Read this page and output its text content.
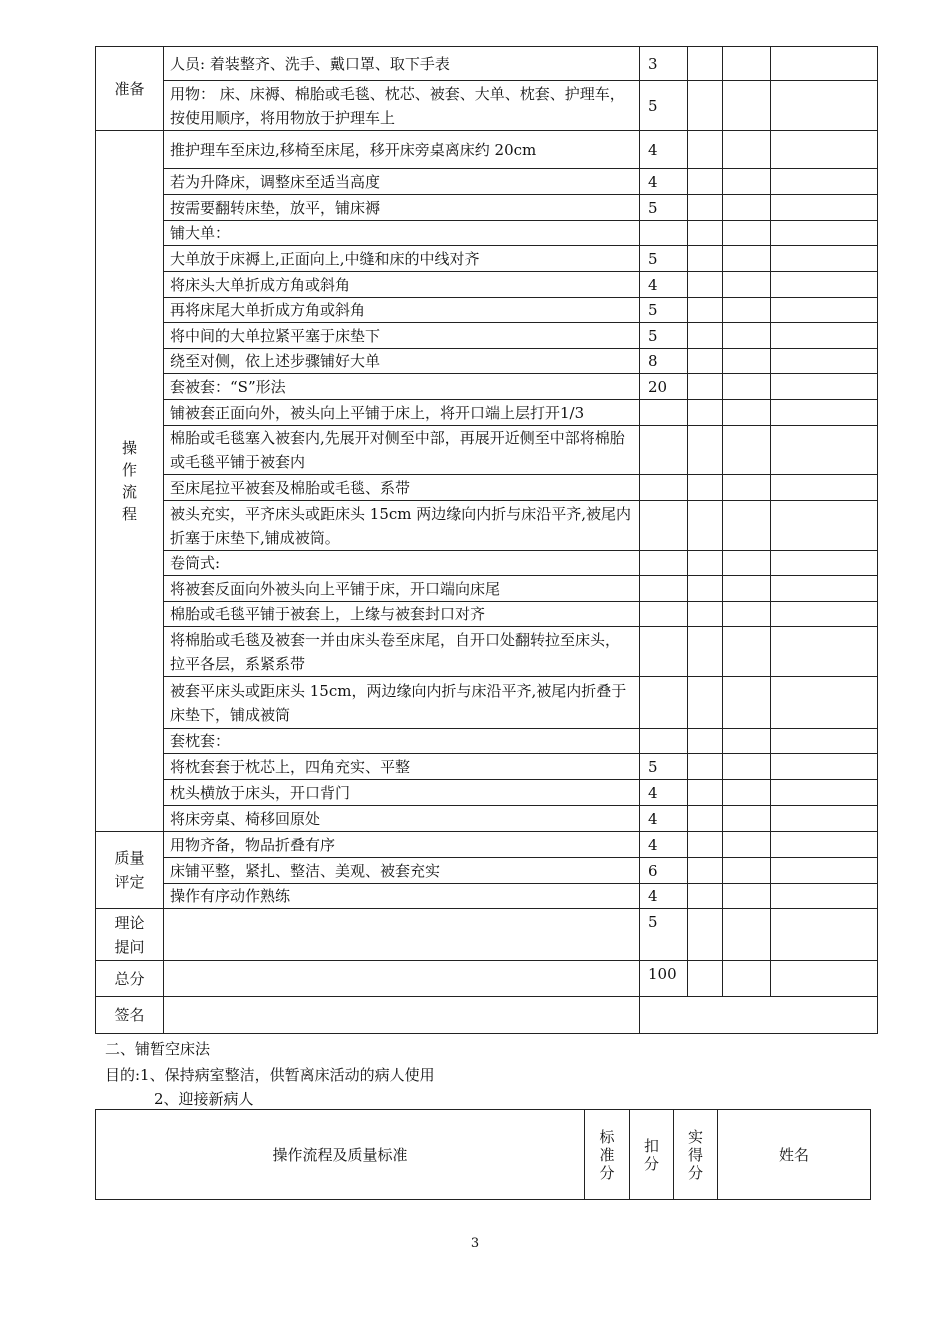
准备	人员: 着装整齐、洗手、戴口罩、取下手表	3			
	用物： 床、床褥、棉胎或毛毯、枕芯、被套、大单、枕套、护理车，按使用顺序，将用物放于护理车上	5			
操作流程	推护理车至床边,移椅至床尾，移开床旁桌离床约 20cm	4			
	若为升降床，调整床至适当高度	4			
	按需要翻转床垫，放平，铺床褥	5			
	铺大单：				
	大单放于床褥上,正面向上,中缝和床的中线对齐	5			
	将床头大单折成方角或斜角	4			
	再将床尾大单折成方角或斜角	5			
	将中间的大单拉紧平塞于床垫下	5			
	绕至对侧，依上述步骤铺好大单	8			
	套被套：“S”形法	20			
	铺被套正面向外，被头向上平铺于床上，将开口端上层打开1/3				
	棉胎或毛毯塞入被套内,先展开对侧至中部，再展开近侧至中部将棉胎或毛毯平铺于被套内				
	至床尾拉平被套及棉胎或毛毯、系带				
	被头充实，平齐床头或距床头 15cm 两边缘向内折与床沿平齐,被尾内折塞于床垫下,铺成被筒。				
	卷筒式:				
	将被套反面向外被头向上平铺于床，开口端向床尾				
	棉胎或毛毯平铺于被套上，上缘与被套封口对齐				
	将棉胎或毛毯及被套一并由床头卷至床尾，自开口处翻转拉至床头，拉平各层，系紧系带				
	被套平床头或距床头 15cm，两边缘向内折与床沿平齐,被尾内折叠于床垫下，铺成被筒				
	套枕套：				
	将枕套套于枕芯上，四角充实、平整	5			
	枕头横放于床头，开口背门	4			
	将床旁桌、椅移回原处	4			

质量
评定	用物齐备，物品折叠有序	4			
	床铺平整，紧扎、整洁、美观、被套充实	6			
	操作有序动作熟练	4			

理论
提问		5			
总分		100			
签名					
二、铺暂空床法
目的:1、保持病室整洁，供暂离床活动的病人使用
2、迎接新病人
操作流程及质量标准	标准分	扣分	实得分	姓名
3
